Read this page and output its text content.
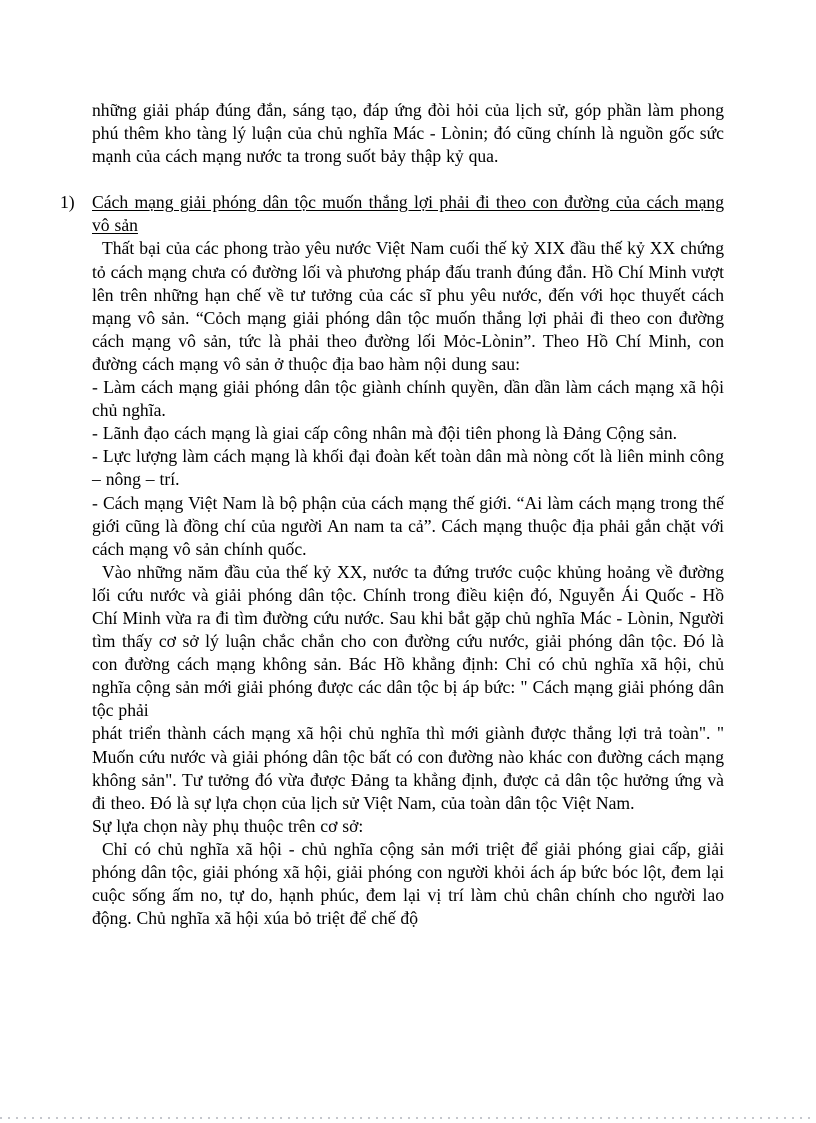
những giải pháp đúng đắn, sáng tạo, đáp ứng đòi hỏi của lịch sử, góp phần làm phong phú thêm kho tàng lý luận của chủ nghĩa Mác - Lònin; đó cũng chính là nguồn gốc sức mạnh của cách mạng nước ta trong suốt bảy thập kỷ qua.

1) Cách mạng giải phóng dân tộc muốn thắng lợi phải đi theo con đường của cách mạng vô sản

Thất bại của các phong trào yêu nước Việt Nam cuối thế kỷ XIX đầu thế kỷ XX chứng tỏ cách mạng chưa có đường lối và phương pháp đấu tranh đúng đắn. Hồ Chí Minh vượt lên trên những hạn chế về tư tưởng của các sĩ phu yêu nước, đến với học thuyết cách mạng vô sản. “Cỏch mạng giải phóng dân tộc muốn thắng lợi phải đi theo con đường cách mạng vô sản, tức là phải theo đường lối Mỏc-Lònin”. Theo Hồ Chí Minh, con đường cách mạng vô sản ở thuộc địa bao hàm nội dung sau:

- Làm cách mạng giải phóng dân tộc giành chính quyền, dần dần làm cách mạng xã hội chủ nghĩa.

- Lãnh đạo cách mạng là giai cấp công nhân mà đội tiên phong là Đảng Cộng sản.

- Lực lượng làm cách mạng là khối đại đoàn kết toàn dân mà nòng cốt là liên minh công – nông – trí.

- Cách mạng Việt Nam là bộ phận của cách mạng thế giới. “Ai làm cách mạng trong thế giới cũng là đồng chí của người An nam ta cả”. Cách mạng thuộc địa phải gắn chặt với cách mạng vô sản chính quốc.

Vào những năm đầu của thế kỷ XX, nước ta đứng trước cuộc khủng hoảng về đường lối cứu nước và giải phóng dân tộc. Chính trong điều kiện đó, Nguyễn Ái Quốc - Hồ Chí Minh vừa ra đi tìm đường cứu nước. Sau khi bắt gặp chủ nghĩa Mác - Lònin, Người tìm thấy cơ sở lý luận chắc chắn cho con đường cứu nước, giải phóng dân tộc. Đó là con đường cách mạng không sản. Bác Hồ khẳng định: Chỉ có chủ nghĩa xã hội, chủ nghĩa cộng sản mới giải phóng được các dân tộc bị áp bức: " Cách mạng giải phóng dân tộc phải

phát triển thành cách mạng xã hội chủ nghĩa thì mới giành được thắng lợi trả toàn". " Muốn cứu nước và giải phóng dân tộc bất có con đường nào khác con đường cách mạng không sản". Tư tưởng đó vừa được Đảng ta khẳng định, được cả dân tộc hưởng ứng và đi theo. Đó là sự lựa chọn của lịch sử Việt Nam, của toàn dân tộc Việt Nam.

Sự lựa chọn này phụ thuộc trên cơ sở:

Chỉ có chủ nghĩa xã hội - chủ nghĩa cộng sản mới triệt để giải phóng giai cấp, giải phóng dân tộc, giải phóng xã hội, giải phóng con người khỏi ách áp bức bóc lột, đem lại cuộc sống ấm no, tự do, hạnh phúc, đem lại vị trí làm chủ chân chính cho người lao động. Chủ nghĩa xã hội xúa bỏ triệt để chế độ
